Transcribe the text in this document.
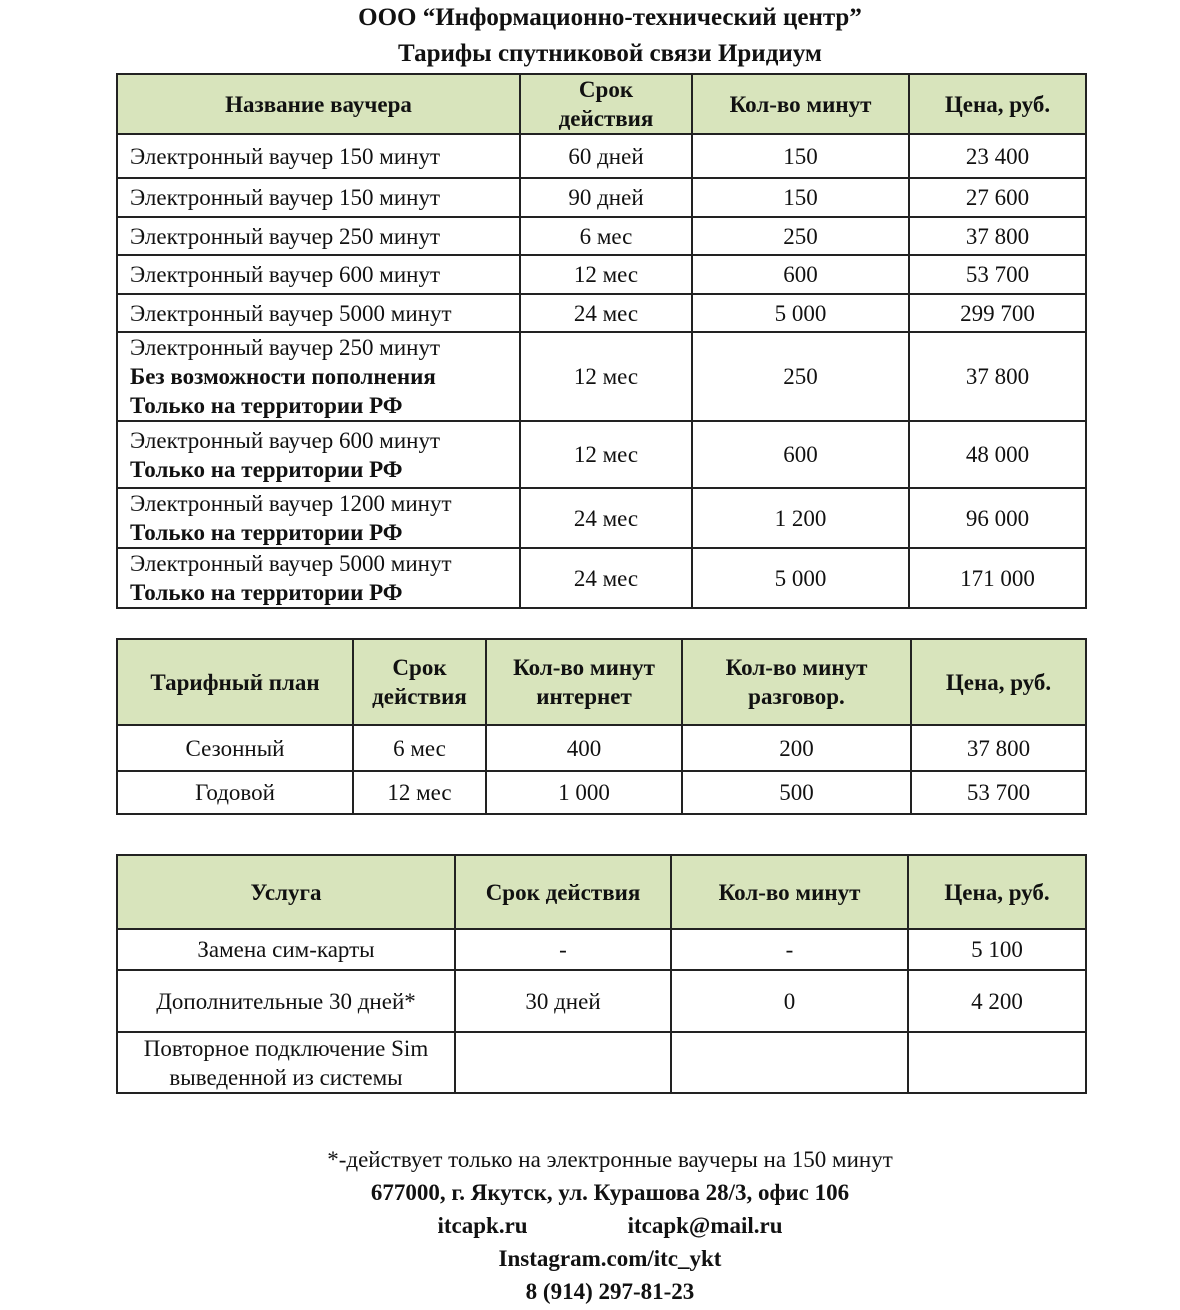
ООО “Информационно-технический центр”
Тарифы спутниковой связи Иридиум
Название ваучера	Срок действия	Кол-во минут	Цена, руб.

Электронный ваучер 150 минут	60 дней	150	23 400

Электронный ваучер 150 минут	90 дней	150	27 600

Электронный ваучер 250 минут	6 мес	250	37 800

Электронный ваучер 600 минут	12 мес	600	53 700

Электронный ваучер 5000 минут	24 мес	5 000	299 700

Электронный ваучер 250 минут
Без возможности пополнения
Только на территории РФ	12 мес	250	37 800

Электронный ваучер 600 минут
Только на территории РФ	12 мес	600	48 000

Электронный ваучер 1200 минут
Только на территории РФ	24 мес	1 200	96 000

Электронный ваучер 5000 минут
Только на территории РФ	24 мес	5 000	171 000
Тарифный план	Срок действия	Кол-во минут интернет	Кол-во минут разговор.	Цена, руб.
Сезонный	6 мес	400	200	37 800
Годовой	12 мес	1 000	500	53 700
Услуга	Срок действия	Кол-во минут	Цена, руб.
Замена сим-карты	-	-	5 100
Дополнительные 30 дней*	30 дней	0	4 200
Повторное подключение Sim выведенной из системы			
*-действует только на электронные ваучеры на 150 минут
677000, г. Якутск, ул. Курашова 28/3, офис 106
itcapk.ru	itcapk@mail.ru
Instagram.com/itc_ykt
8 (914) 297-81-23
